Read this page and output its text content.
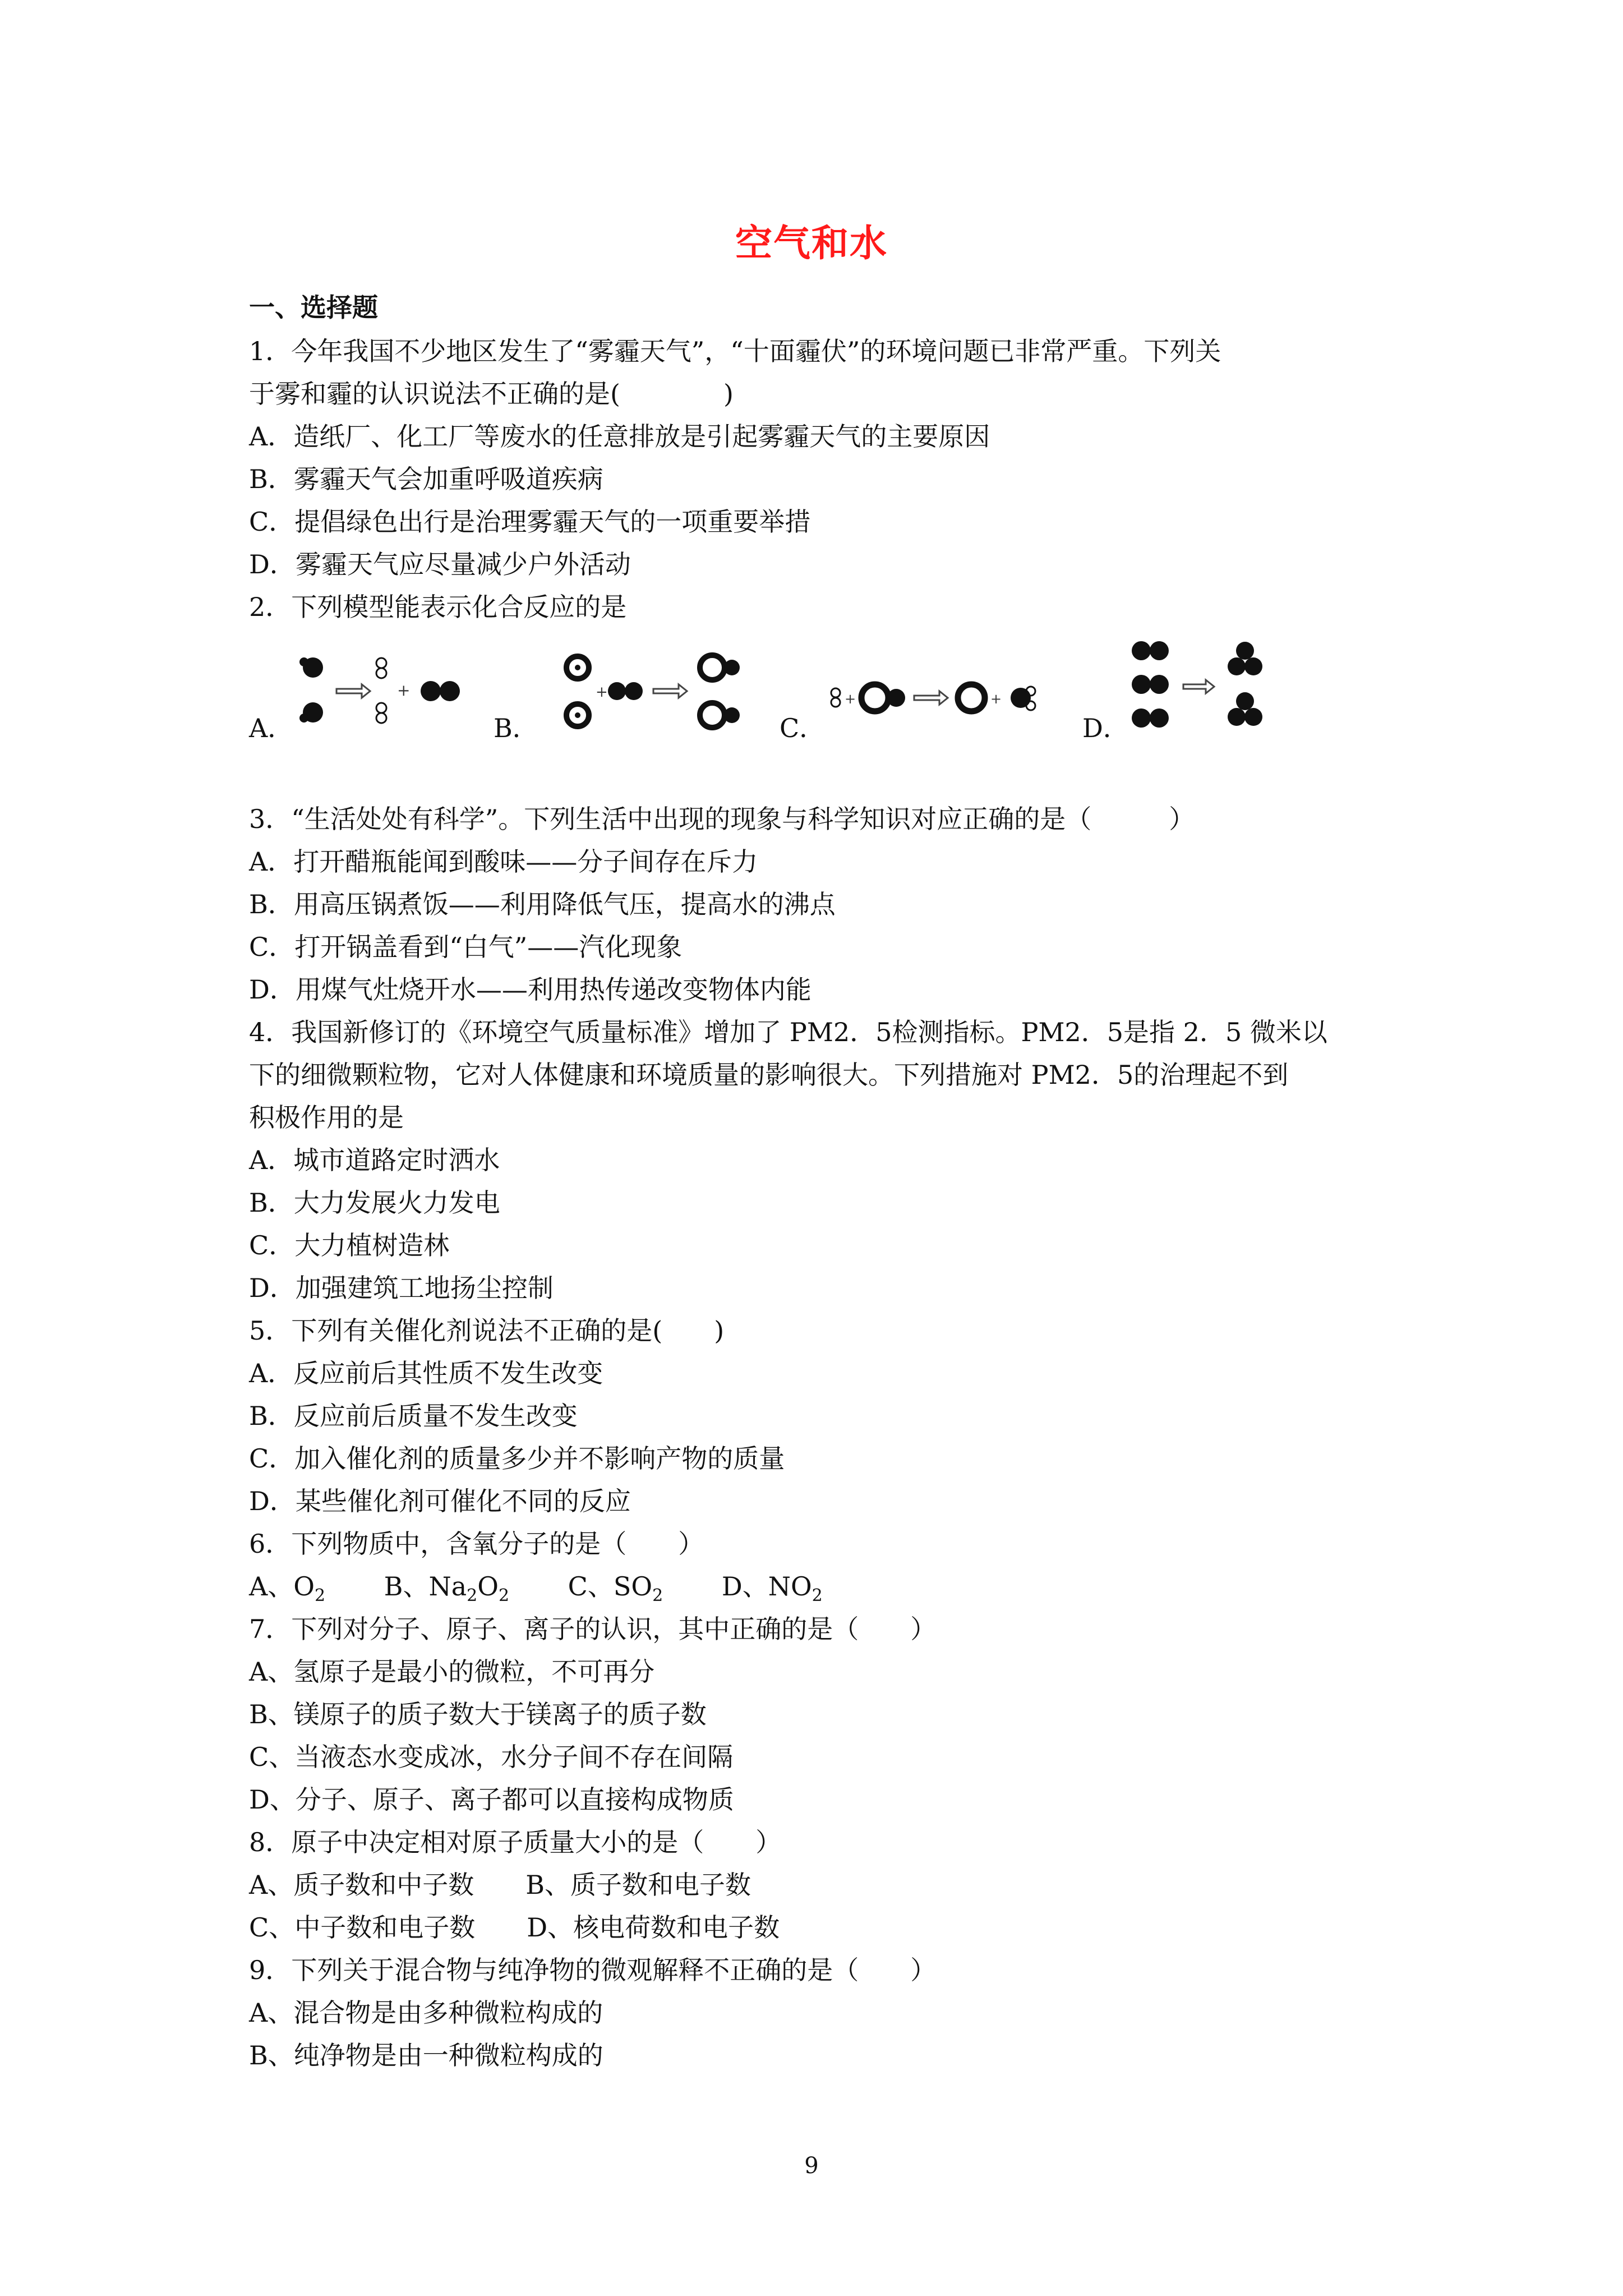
空气和水
一、选择题
1．今年我国不少地区发生了“雾霾天气”，“十面霾伏”的环境问题已非常严重。下列关
于雾和霾的认识说法不正确的是(　　　　)
A．造纸厂、化工厂等废水的任意排放是引起雾霾天气的主要原因
B．雾霾天气会加重呼吸道疾病
C．提倡绿色出行是治理雾霾天气的一项重要举措
D．雾霾天气应尽量减少户外活动
2．下列模型能表示化合反应的是
A．
+
B．
+
C．
+	+
D．
3．“生活处处有科学”。下列生活中出现的现象与科学知识对应正确的是（　　　）
A．打开醋瓶能闻到酸味——分子间存在斥力
B．用高压锅煮饭——利用降低气压，提高水的沸点
C．打开锅盖看到“白气”——汽化现象
D．用煤气灶烧开水——利用热传递改变物体内能
4．我国新修订的《环境空气质量标准》增加了 PM2．5检测指标。PM2．5是指 2．5 微米以
下的细微颗粒物，它对人体健康和环境质量的影响很大。下列措施对 PM2．5的治理起不到
积极作用的是
A．城市道路定时洒水
B．大力发展火力发电
C．大力植树造林
D．加强建筑工地扬尘控制
5．下列有关催化剂说法不正确的是(　　)
A．反应前后其性质不发生改变
B．反应前后质量不发生改变
C．加入催化剂的质量多少并不影响产物的质量
D．某些催化剂可催化不同的反应
6．下列物质中，含氧分子的是（　　）
A、$O_2$ B、$Na_2O_2$ C、$SO_2$ D、$NO_2$
7．下列对分子、原子、离子的认识，其中正确的是（　　）
A、氢原子是最小的微粒，不可再分
B、镁原子的质子数大于镁离子的质子数
C、当液态水变成冰，水分子间不存在间隔
D、分子、原子、离子都可以直接构成物质
8．原子中决定相对原子质量大小的是（　　）
A、质子数和中子数　　B、质子数和电子数
C、中子数和电子数　　D、核电荷数和电子数
9．下列关于混合物与纯净物的微观解释不正确的是（　　）
A、混合物是由多种微粒构成的
B、纯净物是由一种微粒构成的
9
